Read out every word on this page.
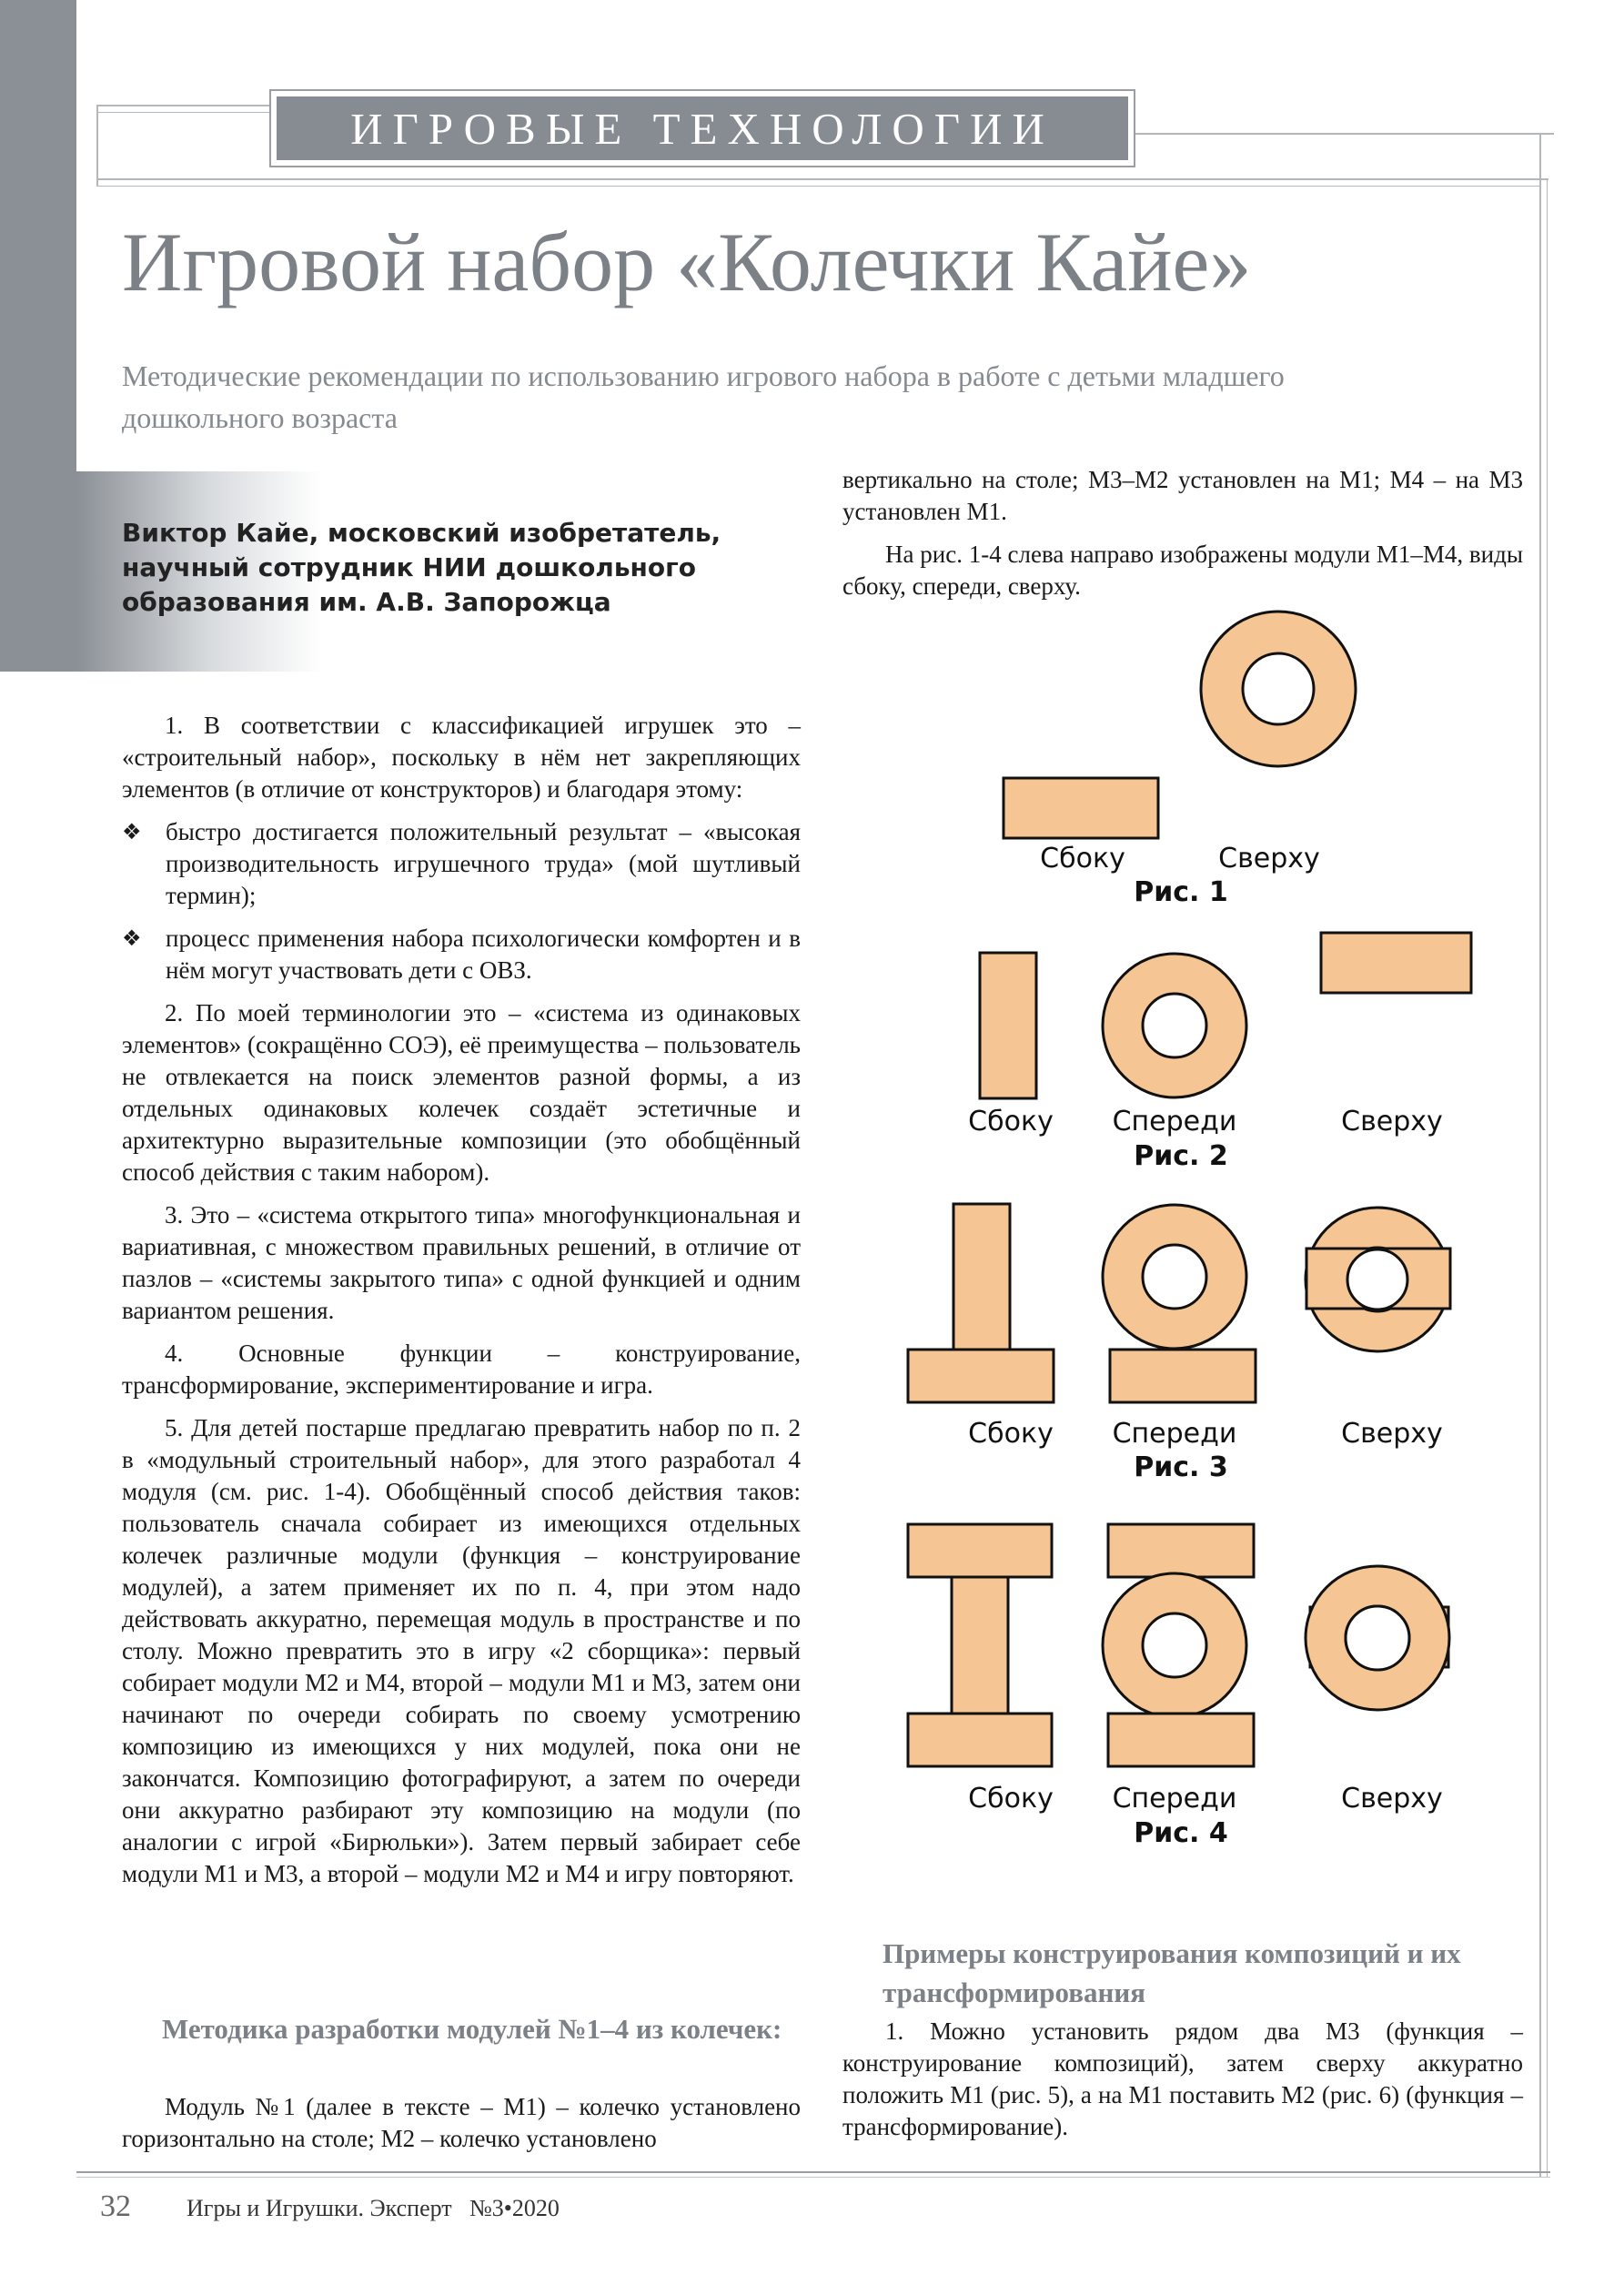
ИГРОВЫЕ ТЕХНОЛОГИИ
Игровой набор «Колечки Кайе»
Методические рекомендации по использованию игрового набора в работе с детьми младшего дошкольного возраста
Виктор Кайе, московский изобретатель,
научный сотрудник НИИ дошкольного
образования им. А.В. Запорожца

1. В соответствии с классификацией игрушек это – «строительный набор», поскольку в нём нет закрепляющих элементов (в отличие от конструкторов) и благодаря этому:

❖ быстро достигается положительный результат – «высокая производительность игрушечного труда» (мой шутливый термин);

❖ процесс применения набора психологически комфортен и в нём могут участвовать дети с ОВЗ.

2. По моей терминологии это – «система из одинаковых элементов» (сокращённо СОЭ), её преимущества – пользователь не отвлекается на поиск элементов разной формы, а из отдельных одинаковых колечек создаёт эстетичные и архитектурно выразительные композиции (это обобщённый способ действия с таким набором).

3. Это – «система открытого типа» многофункциональная и вариативная, с множеством правильных решений, в отличие от пазлов – «системы закрытого типа» с одной функцией и одним вариантом решения.

4. Основные функции – конструирование, трансформирование, экспериментирование и игра.

5. Для детей постарше предлагаю превратить набор по п. 2 в «модульный строительный набор», для этого разработал 4 модуля (см. рис. 1-4). Обобщённый способ действия таков: пользователь сначала собирает из имеющихся отдельных колечек различные модули (функция – конструирование модулей), а затем применяет их по п. 4, при этом надо действовать аккуратно, перемещая модуль в пространстве и по столу. Можно превратить это в игру «2 сборщика»: первый собирает модули М2 и М4, второй – модули М1 и М3, затем они начинают по очереди собирать по своему усмотрению композицию из имеющихся у них модулей, пока они не закончатся. Композицию фотографируют, а затем по очереди они аккуратно разбирают эту композицию на модули (по аналогии с игрой «Бирюльки»). Затем первый забирает себе модули М1 и М3, а второй – модули М2 и М4 и игру повторяют.

Методика разработки модулей №1–4 из колечек:

Модуль №1 (далее в тексте – М1) – колечко установлено горизонтально на столе; М2 – колечко установлено

вертикально на столе; М3–М2 установлен на М1; М4 – на М3 установлен М1.

На рис. 1-4 слева направо изображены модули М1–М4, виды сбоку, спереди, сверху.

Сбоку	Сверху
Рис. 1
Сбоку Спереди	Сверху
Рис. 2
Сбоку Спереди	Сверху
Рис. 3
Сбоку Спереди	Сверху
Рис. 4
Примеры конструирования композиций и их трансформирования

1. Можно установить рядом два М3 (функция – конструирование композиций), затем сверху аккуратно положить М1 (рис. 5), а на М1 поставить М2 (рис. 6) (функция – трансформирование).

32 Игры и Игрушки. Эксперт №3•2020
